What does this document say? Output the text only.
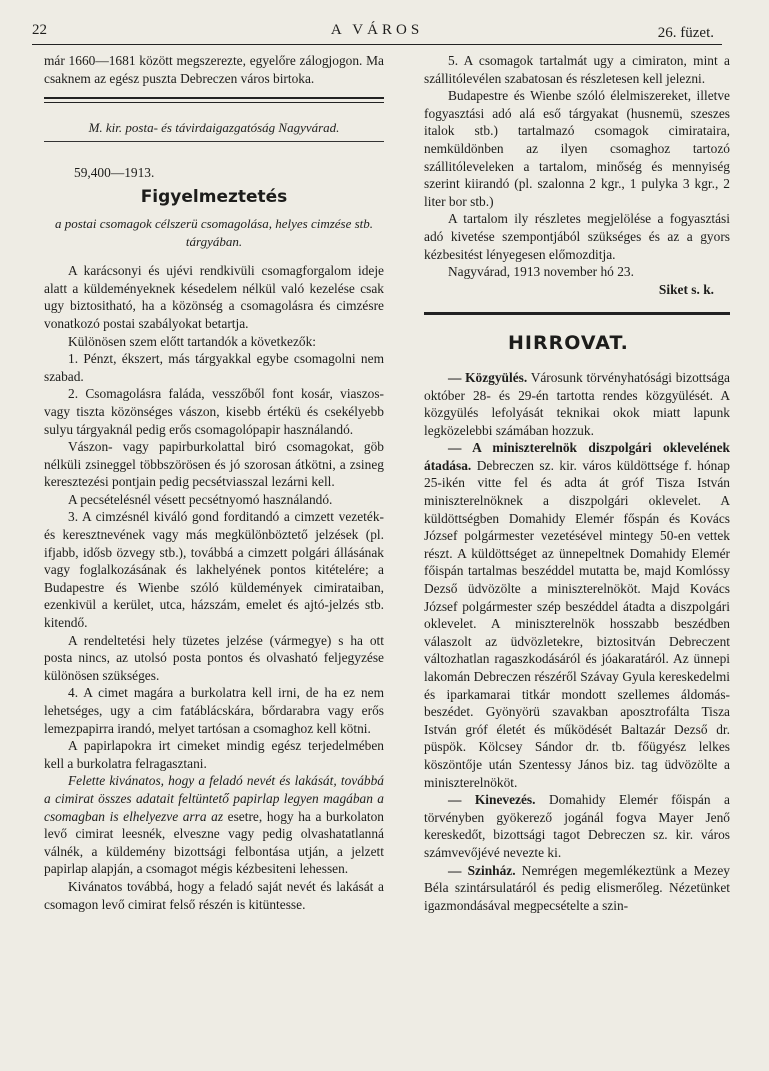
22	A VÁROS	26. füzet.

már 1660—1681 között megszerezte, egyelőre zálogjogon. Ma csaknem az egész puszta Debreczen város birtoka.

M. kir. posta- és távirdaigazgatóság Nagyvárad.

59,400—1913.

Figyelmeztetés

a postai csomagok célszerü csomagolása, helyes cimzése stb. tárgyában.

A karácsonyi és ujévi rendkivüli csomagforgalom ideje alatt a küldeményeknek késedelem nélkül való kezelése csak ugy biztositható, ha a közönség a csomagolásra és cimzésre vonatkozó postai szabályokat betartja.

Különösen szem előtt tartandók a következők:

1. Pénzt, ékszert, más tárgyakkal egybe csomagolni nem szabad.

2. Csomagolásra faláda, vesszőből font kosár, viaszos- vagy tiszta közönséges vászon, kisebb értékü és csekélyebb sulyu tárgyaknál pedig erős csomagolópapir használandó.

Vászon- vagy papirburkolattal biró csomagokat, göb nélküli zsineggel többszörösen és jó szorosan átkötni, a zsineg keresztezési pontjain pedig pecsétviasszal lezárni kell.

A pecsételésnél vésett pecsétnyomó használandó.

3. A cimzésnél kiváló gond forditandó a cimzett vezeték- és keresztnevének vagy más megkülönböztető jelzések (pl. ifjabb, idősb özvegy stb.), továbbá a cimzett polgári állásának vagy foglalkozásának és lakhelyének pontos kitételére; a Budapestre és Wienbe szóló küldemények cimirataiban, ezenkivül a kerület, utca, házszám, emelet és ajtó-jelzés stb. kitendő.

A rendeltetési hely tüzetes jelzése (vármegye) s ha ott posta nincs, az utolsó posta pontos és olvasható feljegyzése különösen szükséges.

4. A cimet magára a burkolatra kell irni, de ha ez nem lehetséges, ugy a cim fatáblácskára, bőrdarabra vagy erős lemezpapirra irandó, melyet tartósan a csomaghoz kell kötni.

A papirlapokra irt cimeket mindig egész terjedelmében kell a burkolatra felragasztani.

Felette kivánatos, hogy a feladó nevét és lakását, továbbá a cimirat összes adatait feltüntető papirlap legyen magában a csomagban is elhelyezve arra az esetre, hogy ha a burkolaton levő cimirat leesnék, elveszne vagy pedig olvashatatlanná válnék, a küldemény bizottsági felbontása utján, a jelzett papirlap alapján, a csomagot mégis kézbesiteni lehessen.

Kivánatos továbbá, hogy a feladó saját nevét és lakását a csomagon levő cimirat felső részén is kitüntesse.

5. A csomagok tartalmát ugy a cimiraton, mint a szállitólevélen szabatosan és részletesen kell jelezni.

Budapestre és Wienbe szóló élelmiszereket, illetve fogyasztási adó alá eső tárgyakat (husnemü, szeszes italok stb.) tartalmazó csomagok cimirataira, nemküldönben az ilyen csomaghoz tartozó szállitóleveleken a tartalom, minőség és mennyiség szerint kiirandó (pl. szalonna 2 kgr., 1 pulyka 3 kgr., 2 liter bor stb.)

A tartalom ily részletes megjelölése a fogyasztási adó kivetése szempontjából szükséges és az a gyors kézbesitést lényegesen előmozditja.

Nagyvárad, 1913 november hó 23.

Siket s. k.

HIRROVAT.

— Közgyülés. Városunk törvényhatósági bizottsága október 28- és 29-én tartotta rendes közgyülését. A közgyülés lefolyását teknikai okok miatt lapunk legközelebbi számában hozzuk.

— A miniszterelnök diszpolgári oklevelének átadása. Debreczen sz. kir. város küldöttsége f. hónap 25-ikén vitte fel és adta át gróf Tisza István miniszterelnöknek a diszpolgári oklevelet. A küldöttségben Domahidy Elemér főspán és Kovács József polgármester vezetésével mintegy 50-en vettek részt. A küldöttséget az ünnepeltnek Domahidy Elemér főispán tartalmas beszéddel mutatta be, majd Komlóssy Dezső üdvözölte a miniszterelnököt. Majd Kovács József polgármester szép beszéddel átadta a diszpolgári oklevelet. A miniszterelnök hosszabb beszédben válaszolt az üdvözletekre, biztositván Debreczent változhatlan ragaszkodásáról és jóakaratáról. Az ünnepi lakomán Debreczen részéről Szávay Gyula kereskedelmi és iparkamarai titkár mondott szellemes áldomás-beszédet. Gyönyörü szavakban aposztrofálta Tisza István gróf életét és működését Baltazár Dezső dr. püspök. Kölcsey Sándor dr. tb. főügyész lelkes köszöntője után Szentessy János biz. tag üdvözölte a miniszterelnököt.

— Kinevezés. Domahidy Elemér főispán a törvényben gyökerező jogánál fogva Mayer Jenő kereskedőt, bizottsági tagot Debreczen sz. kir. város számvevőjévé nevezte ki.

— Szinház. Nemrégen megemlékeztünk a Mezey Béla szintársulatáról és pedig elismerőleg. Nézetünket igazmondásával megpecsételte a szin-
